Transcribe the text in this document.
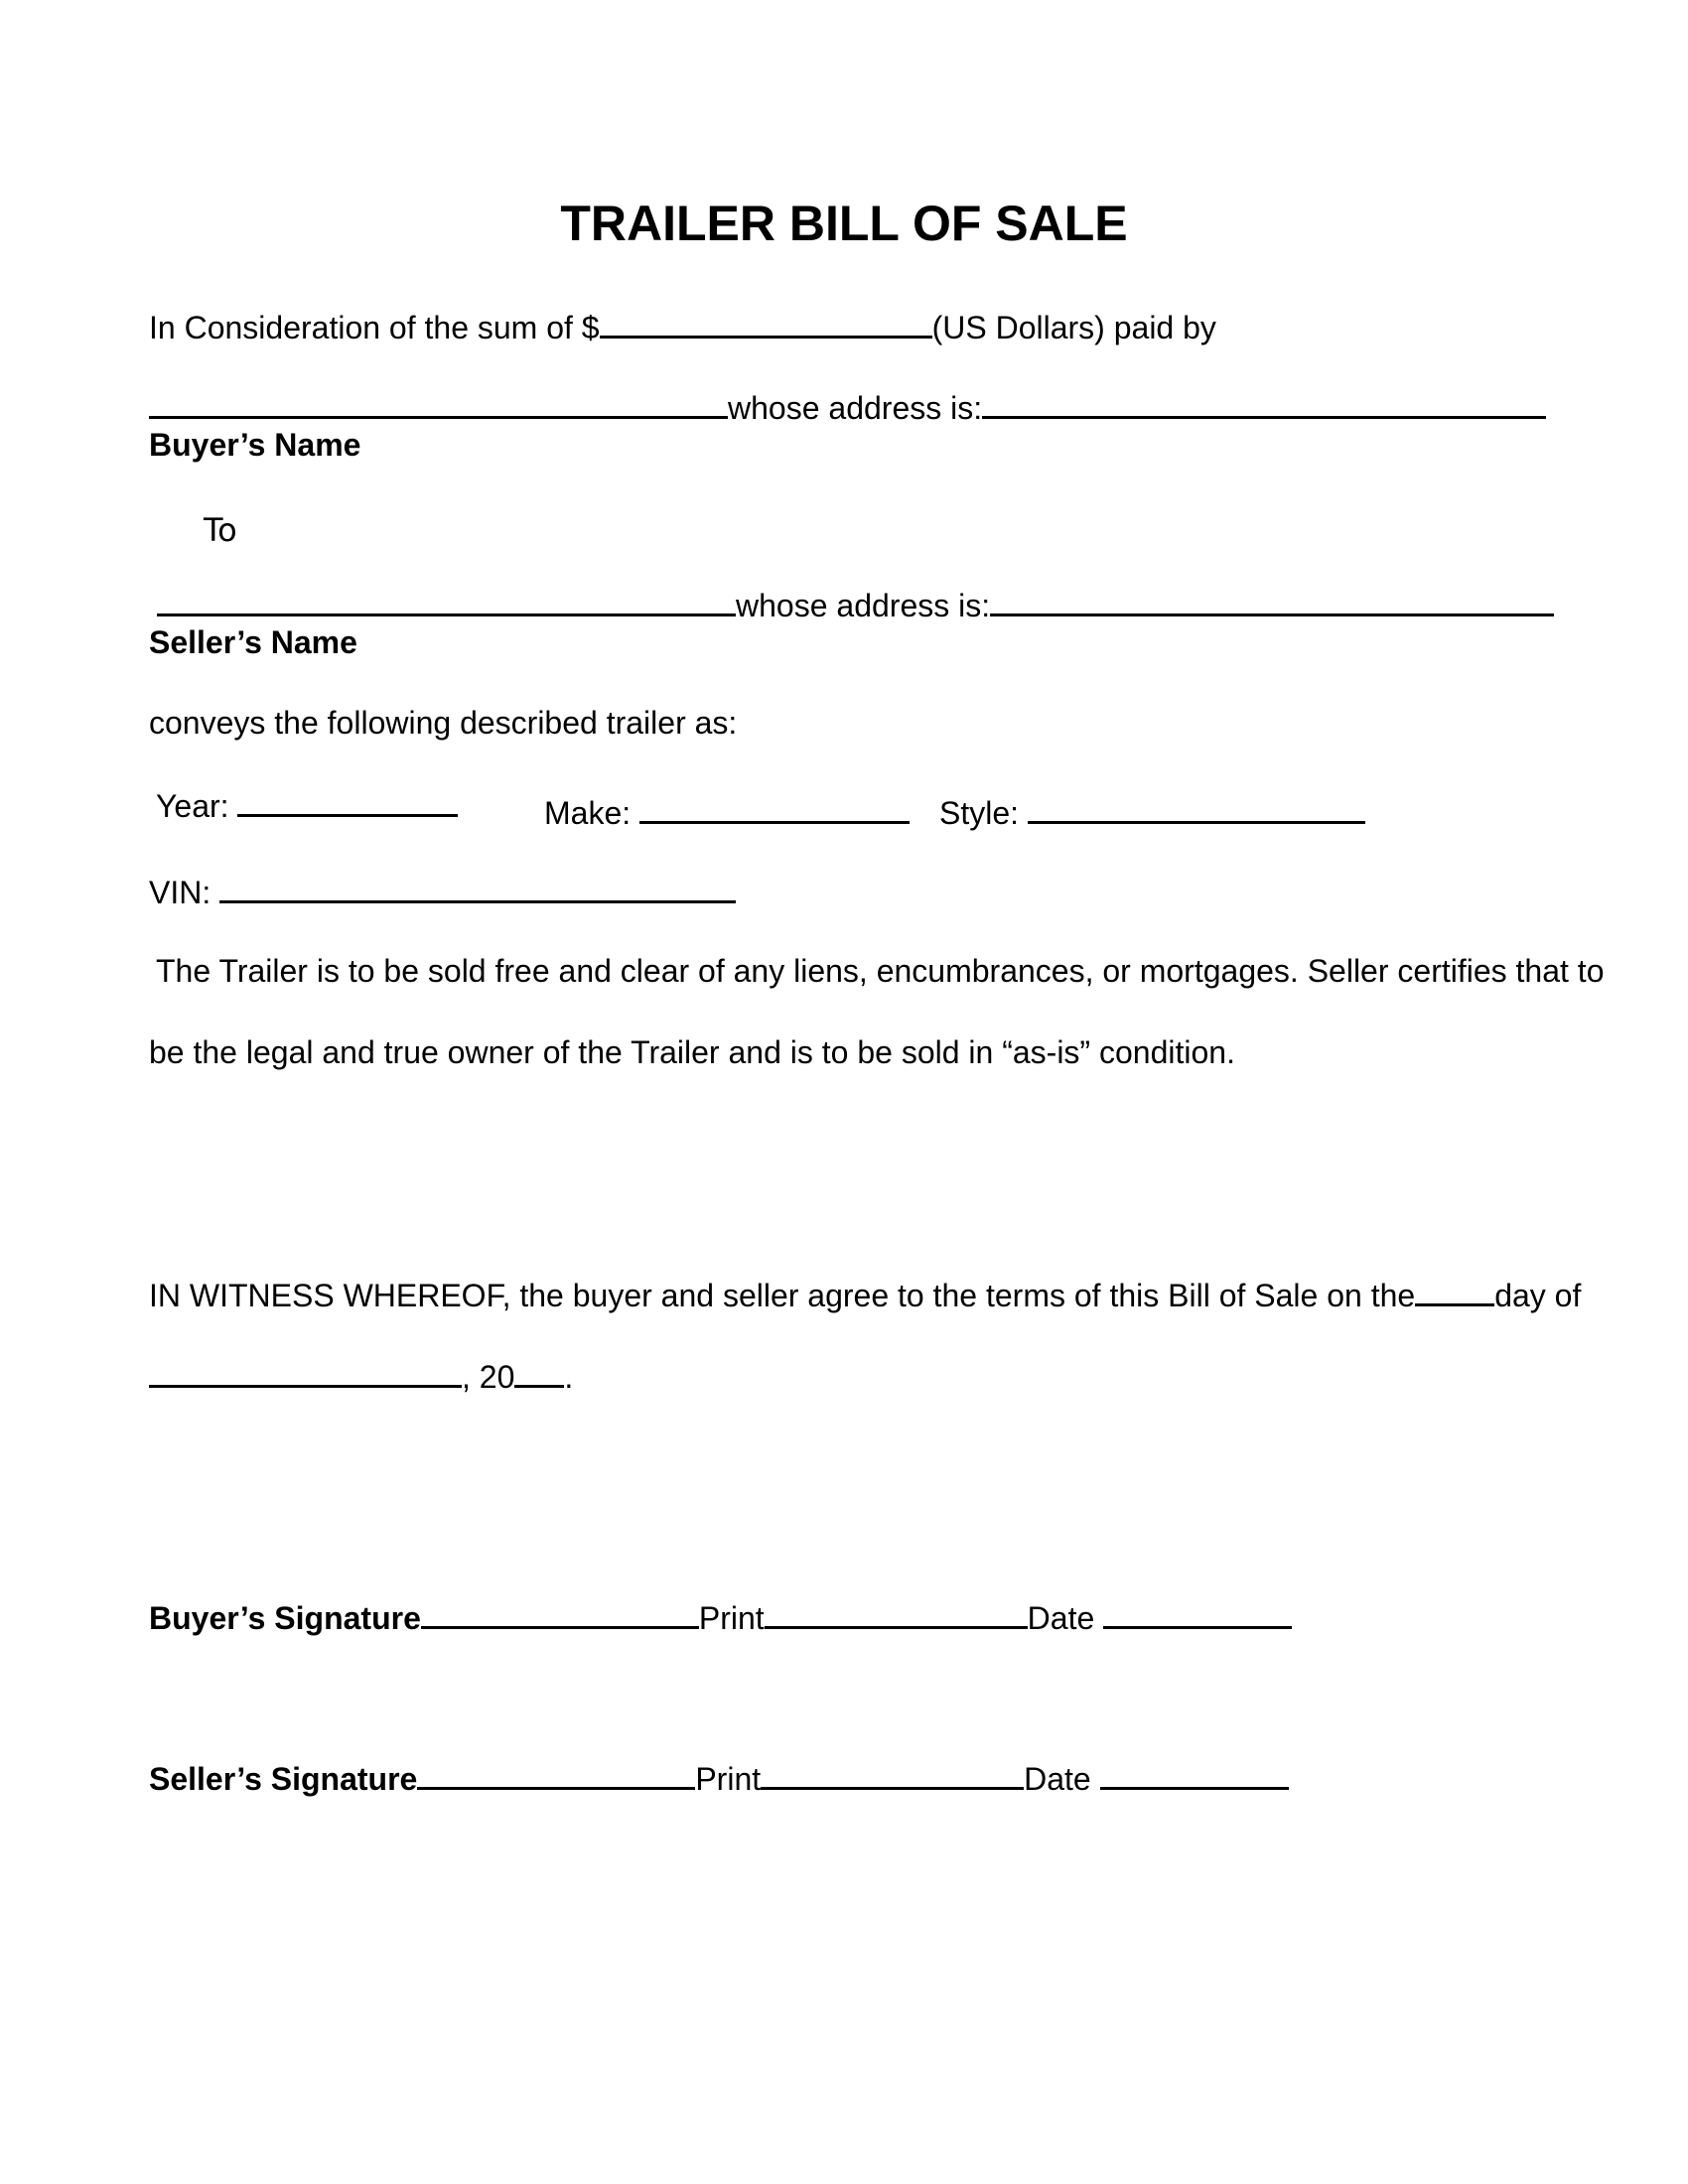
TRAILER BILL OF SALE
In Consideration of the sum of $	(US Dollars) paid by
whose address is:
Buyer’s Name
To
whose address is:
Seller’s Name
conveys the following described trailer as:
Year:	Make:	Style:
VIN:
The Trailer is to be sold free and clear of any liens, encumbrances, or mortgages. Seller certifies that to
be the legal and true owner of the Trailer and is to be sold in “as-is” condition.
IN WITNESS WHEREOF, the buyer and seller agree to the terms of this Bill of Sale on the	day of
, 20 .
Buyer’s Signature	Print	Date
Seller’s Signature	Print	Date
